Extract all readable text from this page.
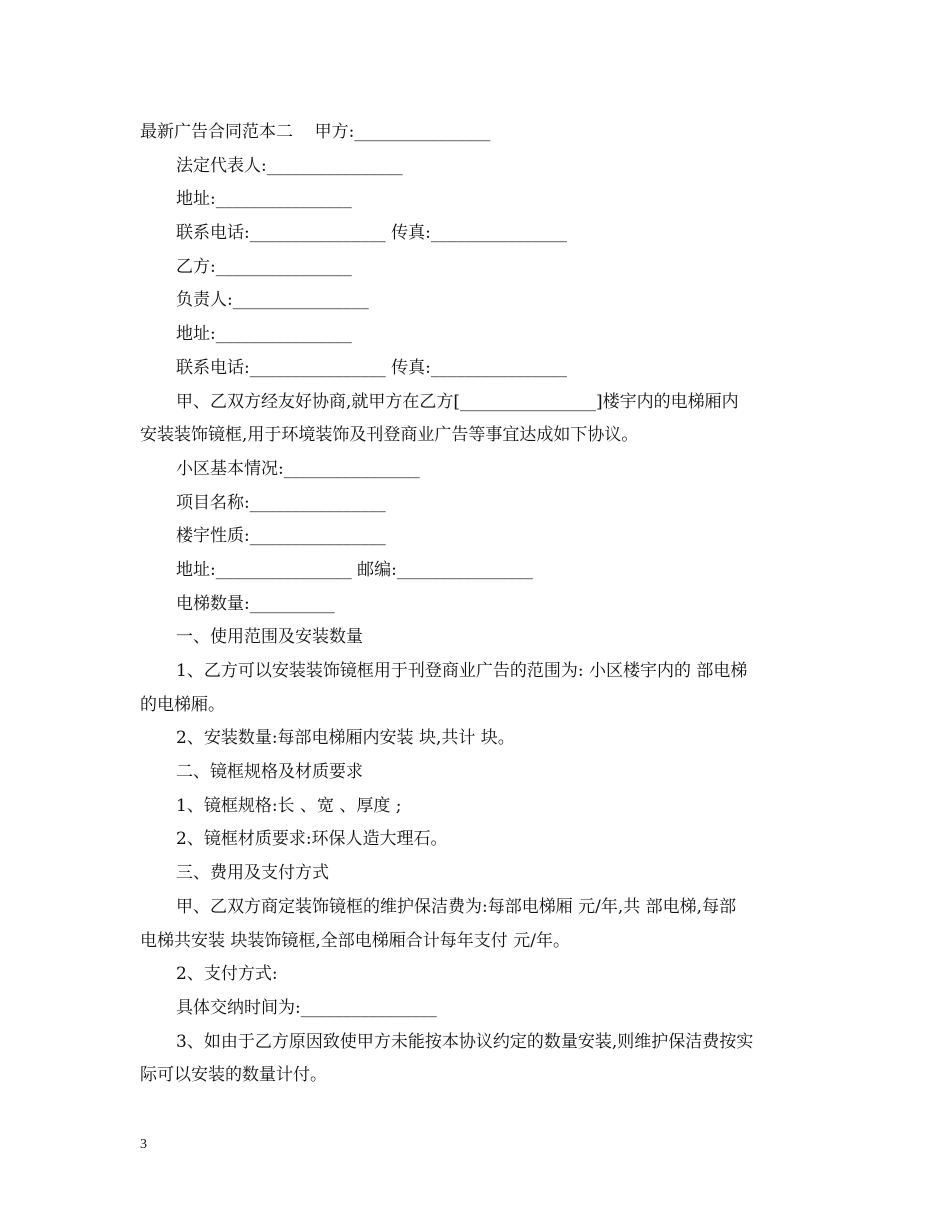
最新广告合同范本二    甲方:________________
法定代表人:________________
地址:________________
联系电话:________________ 传真:________________
乙方:________________
负责人:________________
地址:________________
联系电话:________________ 传真:________________
甲、乙双方经友好协商,就甲方在乙方[________________]楼宇内的电梯厢内
安装装饰镜框,用于环境装饰及刊登商业广告等事宜达成如下协议。
小区基本情况:________________
项目名称:________________
楼宇性质:________________
地址:________________ 邮编:________________
电梯数量:__________
一、使用范围及安装数量
1、乙方可以安装装饰镜框用于刊登商业广告的范围为: 小区楼宇内的 部电梯
的电梯厢。
2、安装数量:每部电梯厢内安装 块,共计 块。
二、镜框规格及材质要求
1、镜框规格:长 、宽 、厚度 ;
2、镜框材质要求:环保人造大理石。
三、费用及支付方式
甲、乙双方商定装饰镜框的维护保洁费为:每部电梯厢 元/年,共 部电梯,每部
电梯共安装 块装饰镜框,全部电梯厢合计每年支付 元/年。
2、支付方式:
具体交纳时间为:________________
3、如由于乙方原因致使甲方未能按本协议约定的数量安装,则维护保洁费按实
际可以安装的数量计付。
3
